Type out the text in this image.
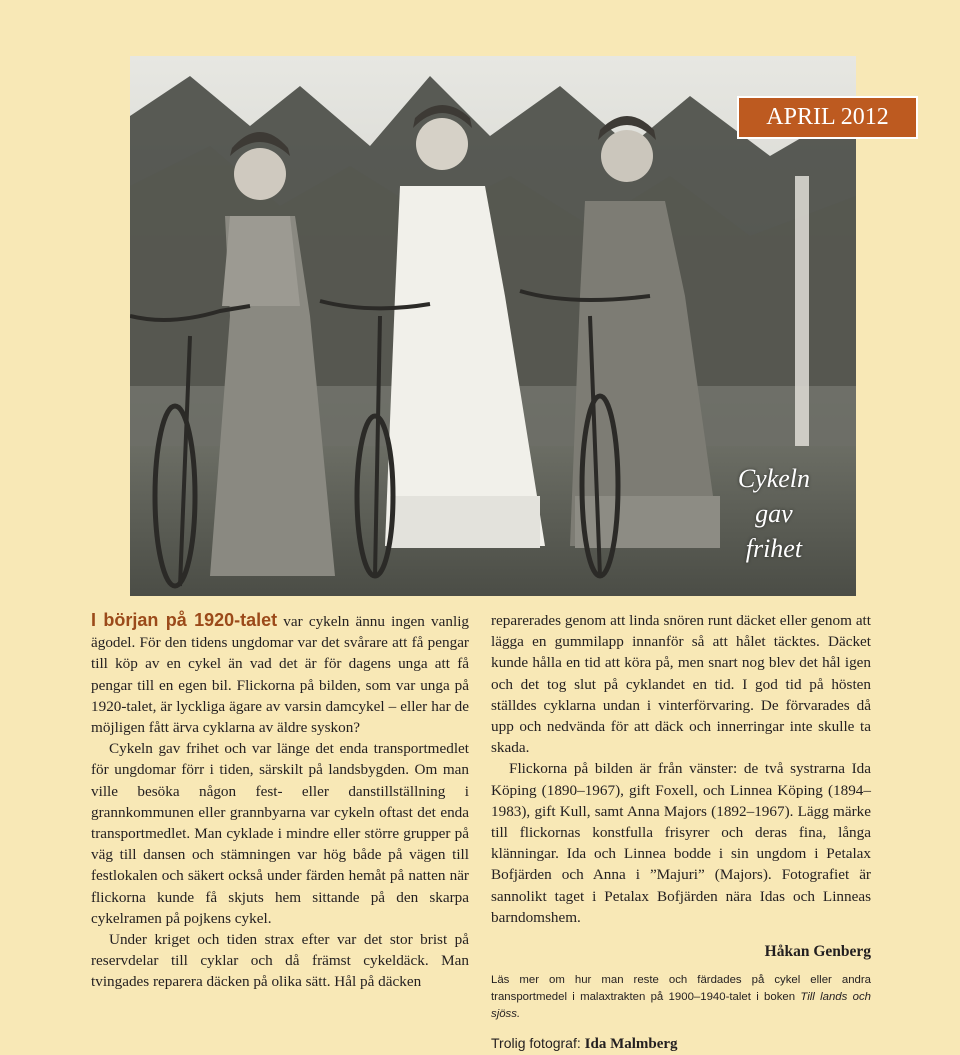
Cykeln
gav
frihet
APRIL 2012

I början på 1920-talet var cykeln ännu ingen vanlig ägodel. För den tidens ungdomar var det svårare att få pengar till köp av en cykel än vad det är för dagens unga att få pengar till en egen bil. Flickorna på bilden, som var unga på 1920-talet, är lyckliga ägare av varsin damcykel – eller har de möjligen fått ärva cyklarna av äldre syskon?

Cykeln gav frihet och var länge det enda transportmedlet för ungdomar förr i tiden, särskilt på landsbygden. Om man ville besöka någon fest- eller danstillställning i grannkommunen eller grannbyarna var cykeln oftast det enda transportmedlet. Man cyklade i mindre eller större grupper på väg till dansen och stämningen var hög både på vägen till festlokalen och säkert också under färden hemåt på natten när flickorna kunde få skjuts hem sittande på den skarpa cykelramen på pojkens cykel.

Under kriget och tiden strax efter var det stor brist på reservdelar till cyklar och då främst cykeldäck. Man tvingades reparera däcken på olika sätt. Hål på däcken

reparerades genom att linda snören runt däcket eller genom att lägga en gummilapp innanför så att hålet täcktes. Däcket kunde hålla en tid att köra på, men snart nog blev det hål igen och det tog slut på cyklandet en tid. I god tid på hösten ställdes cyklarna undan i vinterförvaring. De förvarades då upp och nedvända för att däck och innerringar inte skulle ta skada.

Flickorna på bilden är från vänster: de två systrarna Ida Köping (1890–1967), gift Foxell, och Linnea Köping (1894–1983), gift Kull, samt Anna Majors (1892–1967). Lägg märke till flickornas konstfulla frisyrer och deras fina, långa klänningar. Ida och Linnea bodde i sin ungdom i Petalax Bofjärden och Anna i ”Majuri” (Majors). Fotografiet är sannolikt taget i Petalax Bofjärden nära Idas och Linneas barndomshem.

Håkan Genberg

Läs mer om hur man reste och färdades på cykel eller andra transportmedel i malaxtrakten på 1900–1940-talet i boken Till lands och sjöss.

Trolig fotograf: Ida Malmberg
